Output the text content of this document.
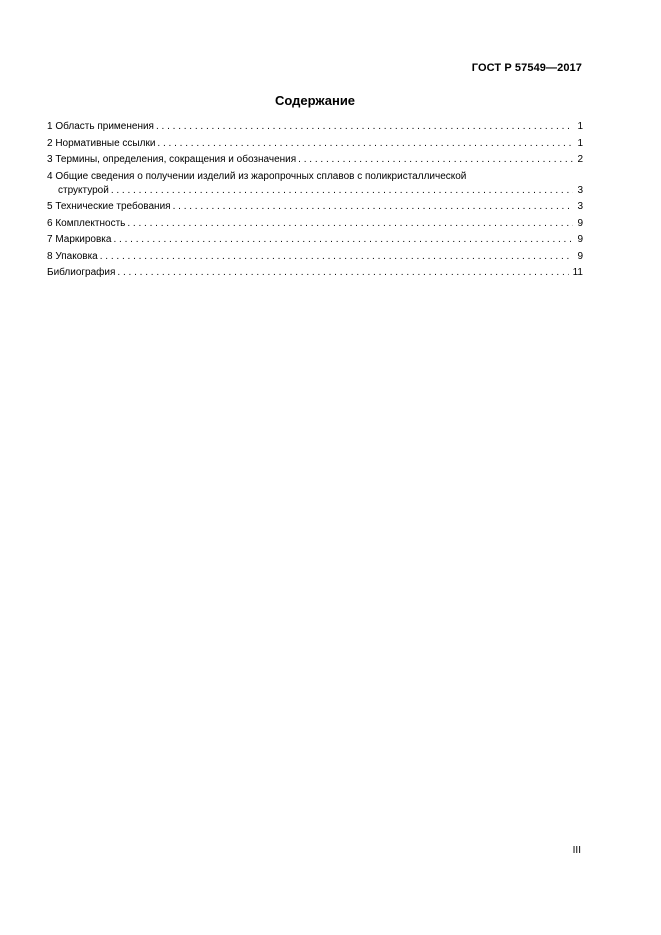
ГОСТ Р 57549—2017
Содержание
1 Область применения . . .	1
2 Нормативные ссылки . . .	1
3 Термины, определения, сокращения и обозначения . . .	2
4 Общие сведения о получении изделий из жаропрочных сплавов с поликристаллической
структурой . . .	3
5 Технические требования . . .	3
6 Комплектность . . .	9
7 Маркировка . . .	9
8 Упаковка . . .	9
Библиография . . .	11
III
